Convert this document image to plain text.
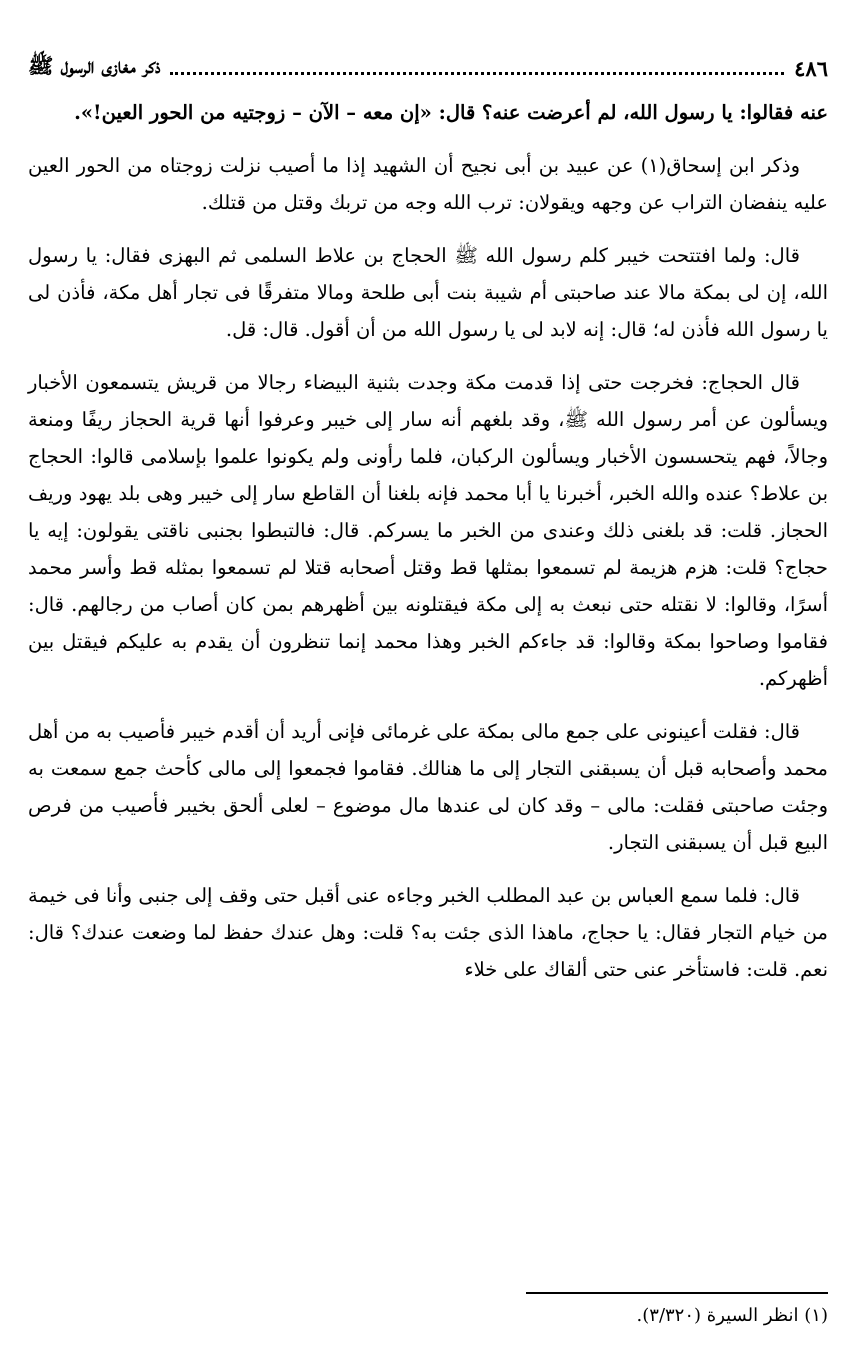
٤٨٦
ذكر مغازى الرسول ﷺ

عنه فقالوا: يا رسول الله، لم أعرضت عنه؟ قال: «إن معه – الآن – زوجتيه من الحور العين!».

وذكر ابن إسحاق(١) عن عبيد بن أبى نجيح أن الشهيد إذا ما أصيب نزلت زوجتاه من الحور العين عليه ينفضان التراب عن وجهه ويقولان: ترب الله وجه من تربك وقتل من قتلك.

قال: ولما افتتحت خيبر كلم رسول الله ﷺ الحجاج بن علاط السلمى ثم البهزى فقال: يا رسول الله، إن لى بمكة مالا عند صاحبتى أم شيبة بنت أبى طلحة ومالا متفرقًا فى تجار أهل مكة، فأذن لى يا رسول الله فأذن له؛ قال: إنه لابد لى يا رسول الله من أن أقول. قال: قل.

قال الحجاج: فخرجت حتى إذا قدمت مكة وجدت بثنية البيضاء رجالا من قريش يتسمعون الأخبار ويسألون عن أمر رسول الله ﷺ، وقد بلغهم أنه سار إلى خيبر وعرفوا أنها قرية الحجاز ريفًا ومنعة وجالاً، فهم يتحسسون الأخبار ويسألون الركبان، فلما رأونى ولم يكونوا علموا بإسلامى قالوا: الحجاج بن علاط؟ عنده والله الخبر، أخبرنا يا أبا محمد فإنه بلغنا أن القاطع سار إلى خيبر وهى بلد يهود وريف الحجاز. قلت: قد بلغنى ذلك وعندى من الخبر ما يسركم. قال: فالتبطوا بجنبى ناقتى يقولون: إيه يا حجاج؟ قلت: هزم هزيمة لم تسمعوا بمثلها قط وقتل أصحابه قتلا لم تسمعوا بمثله قط وأسر محمد أسرًا، وقالوا: لا نقتله حتى نبعث به إلى مكة فيقتلونه بين أظهرهم بمن كان أصاب من رجالهم. قال: فقاموا وصاحوا بمكة وقالوا: قد جاءكم الخبر وهذا محمد إنما تنظرون أن يقدم به عليكم فيقتل بين أظهركم.

قال: فقلت أعينونى على جمع مالى بمكة على غرمائى فإنى أريد أن أقدم خيبر فأصيب به من أهل محمد وأصحابه قبل أن يسبقنى التجار إلى ما هنالك. فقاموا فجمعوا إلى مالى كأحث جمع سمعت به وجئت صاحبتى فقلت: مالى – وقد كان لى عندها مال موضوع – لعلى ألحق بخيبر فأصيب من فرص البيع قبل أن يسبقنى التجار.

قال: فلما سمع العباس بن عبد المطلب الخبر وجاءه عنى أقبل حتى وقف إلى جنبى وأنا فى خيمة من خيام التجار فقال: يا حجاج، ماهذا الذى جئت به؟ قلت: وهل عندك حفظ لما وضعت عندك؟ قال: نعم. قلت: فاستأخر عنى حتى ألقاك على خلاء

(١) انظر السيرة (٣/٣٢٠).
